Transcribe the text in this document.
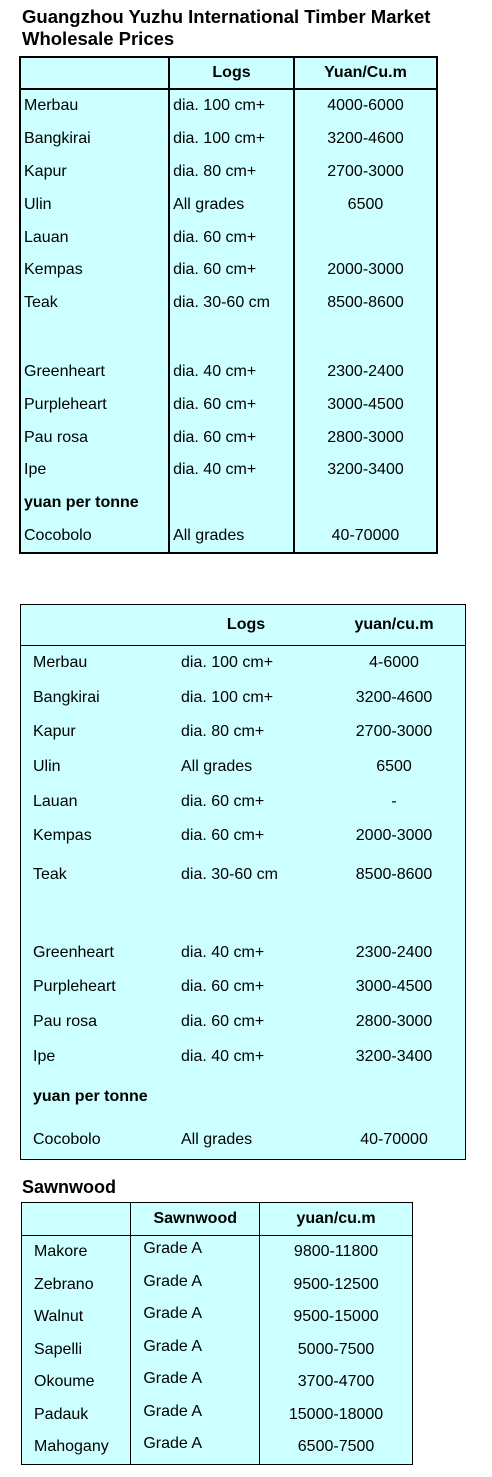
Guangzhou Yuzhu International Timber Market
Wholesale Prices
	Logs	Yuan/Cu.m
Merbau	dia. 100 cm+	4000-6000
Bangkirai	dia. 100 cm+	3200-4600
Kapur	dia. 80 cm+	2700-3000
Ulin	All grades	6500
Lauan	dia. 60 cm+	
Kempas	dia. 60 cm+	2000-3000
Teak	dia. 30-60 cm	8500-8600

Greenheart	dia. 40 cm+	2300-2400
Purpleheart	dia. 60 cm+	3000-4500
Pau rosa	dia. 60 cm+	2800-3000
Ipe	dia. 40 cm+	3200-3400
yuan per tonne		
Cocobolo	All grades	40-70000
	Logs	yuan/cu.m
Merbau	dia. 100 cm+	4-6000
Bangkirai	dia. 100 cm+	3200-4600
Kapur	dia. 80 cm+	2700-3000
Ulin	All grades	6500
Lauan	dia. 60 cm+	-
Kempas	dia. 60 cm+	2000-3000
Teak	dia. 30-60 cm	8500-8600

Greenheart	dia. 40 cm+	2300-2400
Purpleheart	dia. 60 cm+	3000-4500
Pau rosa	dia. 60 cm+	2800-3000
Ipe	dia. 40 cm+	3200-3400
yuan per tonne		
Cocobolo	All grades	40-70000
Sawnwood
	Sawnwood	yuan/cu.m
Makore	Grade A	9800-11800
Zebrano	Grade A	9500-12500
Walnut	Grade A	9500-15000
Sapelli	Grade A	5000-7500
Okoume	Grade A	3700-4700
Padauk	Grade A	15000-18000
Mahogany	Grade A	6500-7500
